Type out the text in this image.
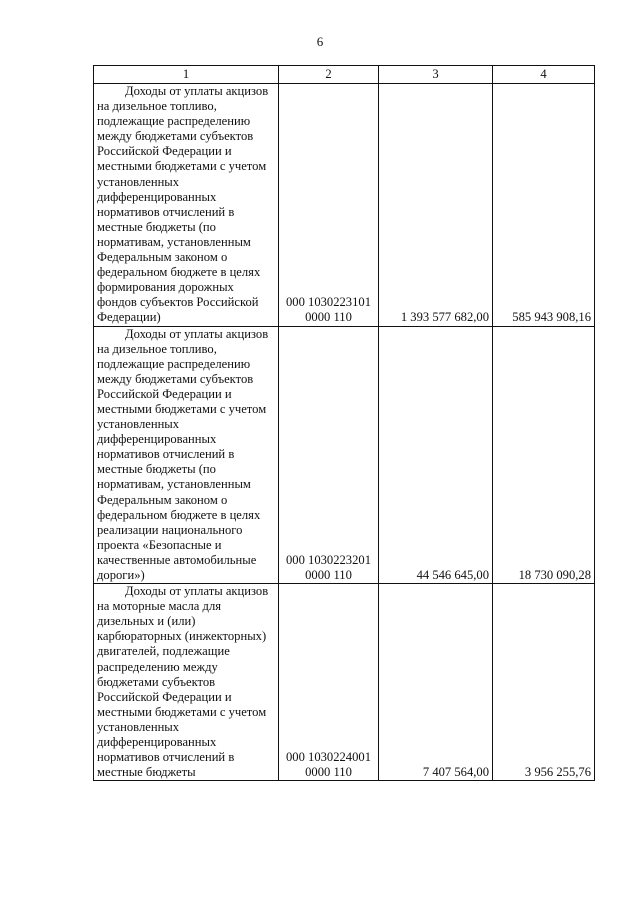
6
1	2	3	4

Доходы от уплаты акцизов на дизельное топливо, подлежащие распределению между бюджетами субъектов Российской Федерации и местными бюджетами с учетом установленных дифференцированных нормативов отчислений в местные бюджеты (по нормативам, установленным Федеральным законом о федеральном бюджете в целях формирования дорожных фондов субъектов Российской Федерации)	000 1030223101 0000 110	1 393 577 682,00	585 943 908,16

Доходы от уплаты акцизов на дизельное топливо, подлежащие распределению между бюджетами субъектов Российской Федерации и местными бюджетами с учетом установленных дифференцированных нормативов отчислений в местные бюджеты (по нормативам, установленным Федеральным законом о федеральном бюджете в целях реализации национального проекта «Безопасные и качественные автомобильные дороги»)	000 1030223201 0000 110	44 546 645,00	18 730 090,28

Доходы от уплаты акцизов на моторные масла для дизельных и (или) карбюраторных (инжекторных) двигателей, подлежащие распределению между бюджетами субъектов Российской Федерации и местными бюджетами с учетом установленных дифференцированных нормативов отчислений в местные бюджеты	000 1030224001 0000 110	7 407 564,00	3 956 255,76
